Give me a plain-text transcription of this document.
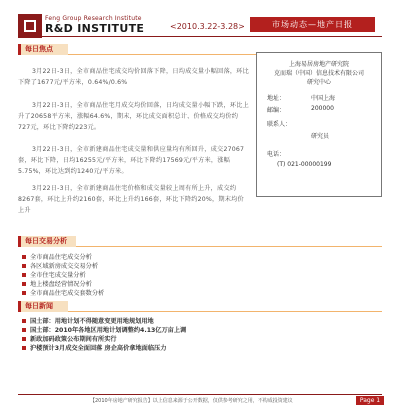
Feng Group Research Institute
R&D INSTITUTE	<2010.3.22-3.28>	市场动态—地产日报
每日焦点
3月22日-3日，全市商品住宅成交均价回落下降，日均成交量小幅回落，环比下降了1677元/平方米，0.64%/0.6%
3月22日-3日，全市商品住宅月成交均价回落，日均成交量小幅下跌，环比上升了20658平方米，涨幅64.6%，期末，环比成交面积总计、价格成交均价约727元，环比下降约223元。
3月22日-3日，全市新建商品住宅成交量和供应量均有所回升，成交27067套，环比下降，日均16255元/平方米，环比下降约17569元/平方米，涨幅5.75%，环比达到约1240元/平方米。
3月22日-3日，全市新建商品住宅价格和成交量较上周有所上升，成交约8267套，环比上升约2160套，环比上升约166套，环比下降约20%，期末均价上升
上海易居房地产研究院
克而瑞（中国）信息技术有限公司
研究中心
地址：	中国上海
邮编：	200000
联系人：
研究员
电话：
(T) 021-00000199
每日交易分析
全市商品住宅成交分析
各区域新房成交交易分析
全市住宅成交量分析
地上楼盘经营情况分析
全市商品住宅成交套数分析
每日新闻
国土部：用地计划不得随意变更用地规划用地
国土部：2010年各地区用地计划调整约4.13亿万亩上调
新政加码政策公布期间有所实行
沪楼预计3月成交全面回落 房企高价拿地面临压力
【2010年房地产研究报告】以上信息来源于公开数据，仅供参考研究之用，不构成投资建议	Page 1
